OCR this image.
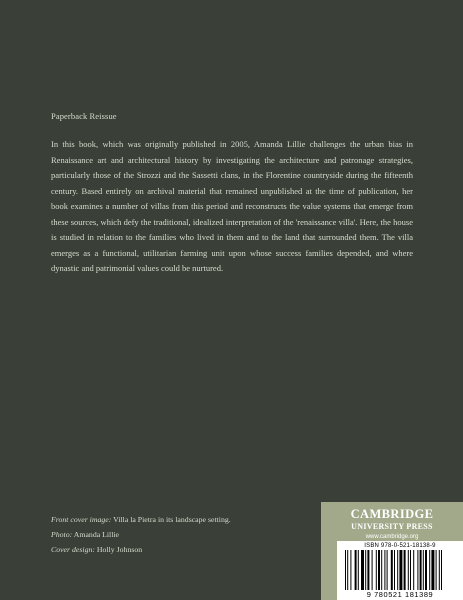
Paperback Reissue
In this book, which was originally published in 2005, Amanda Lillie challenges the urban bias in Renaissance art and architectural history by investigating the architecture and patronage strategies, particularly those of the Strozzi and the Sassetti clans, in the Florentine countryside during the fifteenth century. Based entirely on archival material that remained unpublished at the time of publication, her book examines a number of villas from this period and reconstructs the value systems that emerge from these sources, which defy the traditional, idealized interpretation of the 'renaissance villa'. Here, the house is studied in relation to the families who lived in them and to the land that surrounded them. The villa emerges as a functional, utilitarian farming unit upon whose success families depended, and where dynastic and patrimonial values could be nurtured.
Front cover image: Villa la Pietra in its landscape setting.
Photo: Amanda Lillie
Cover design: Holly Johnson
CAMBRIDGE
UNIVERSITY PRESS
www.cambridge.org
ISBN 978-0-521-18138-9
9 780521 181389
